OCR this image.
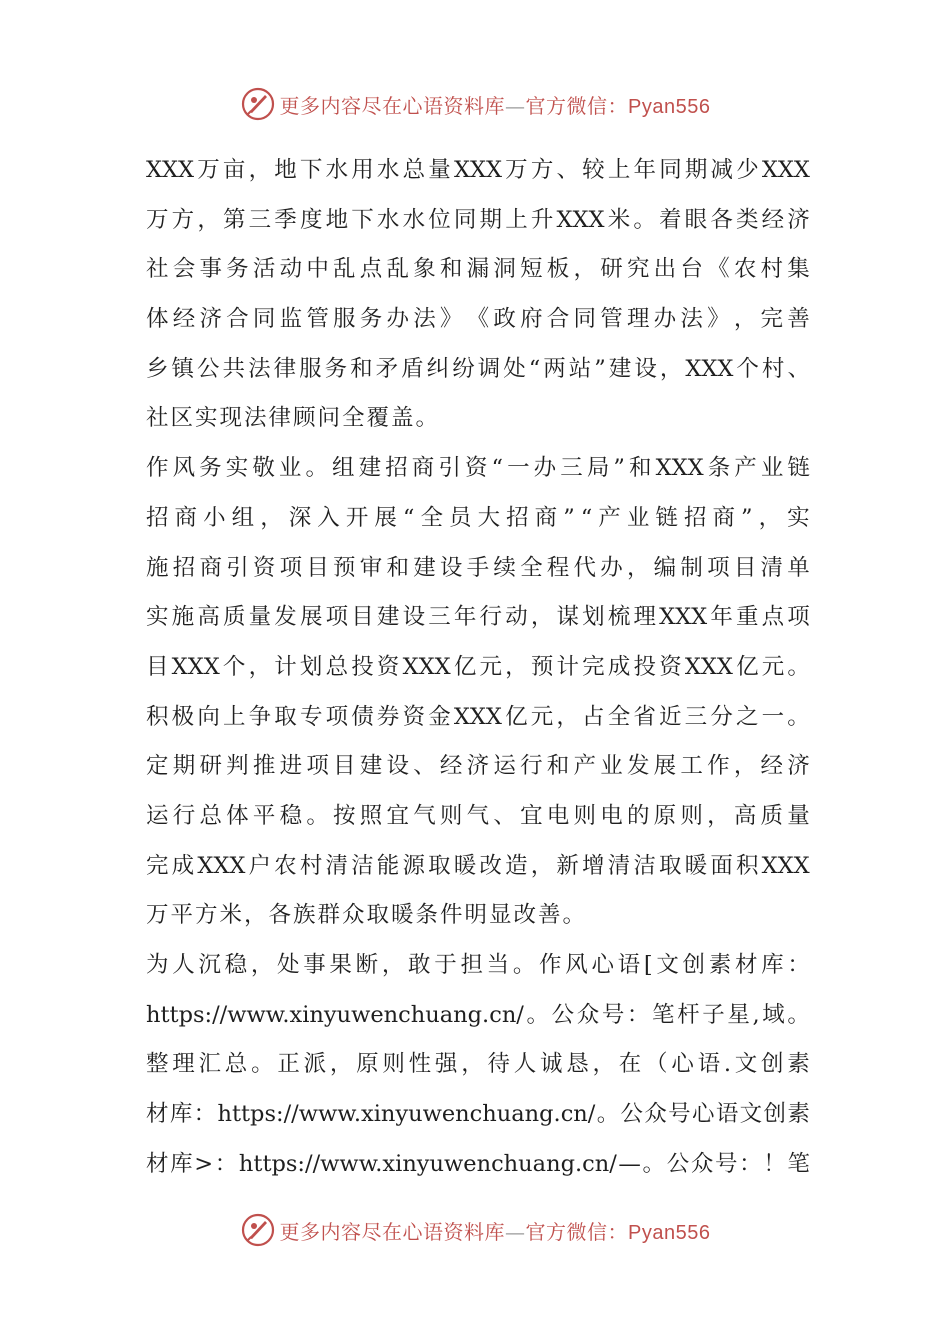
更多内容尽在心语资料库—官方微信：Pyan556
XXX 万 亩 ， 地 下 水 用 水 总 量 XXX 万 方 、 较 上 年 同 期 减 少 XXX
万 方 ， 第 三 季 度 地 下 水 水 位 同 期 上 升 XXX 米 。 着 眼 各 类 经 济
社 会 事 务 活 动 中 乱 点 乱 象 和 漏 洞 短 板 ， 研 究 出 台 《 农 村 集
体 经 济 合 同 监 管 服 务 办 法 》 《 政 府 合 同 管 理 办 法 》 ， 完 善
乡 镇 公 共 法 律 服 务 和 矛 盾 纠 纷 调 处 “ 两 站 ” 建 设 ， XXX 个 村 、
社区实现法律顾问全覆盖。
作 风 务 实 敬 业 。 组 建 招 商 引 资 “ 一 办 三 局 ” 和 XXX 条 产 业 链
招 商 小 组 ， 深 入 开 展 “ 全 员 大 招 商 ” “ 产 业 链 招 商 ” ， 实
施 招 商 引 资 项 目 预 审 和 建 设 手 续 全 程 代 办 ， 编 制 项 目 清 单
实 施 高 质 量 发 展 项 目 建 设 三 年 行 动 ， 谋 划 梳 理 XXX 年 重 点 项
目 XXX 个 ， 计 划 总 投 资 XXX 亿 元 ， 预 计 完 成 投 资 XXX 亿 元 。
积 极 向 上 争 取 专 项 债 券 资 金 XXX 亿 元 ， 占 全 省 近 三 分 之 一 。
定 期 研 判 推 进 项 目 建 设 、 经 济 运 行 和 产 业 发 展 工 作 ， 经 济
运 行 总 体 平 稳 。 按 照 宜 气 则 气 、 宜 电 则 电 的 原 则 ， 高 质 量
完 成 XXX 户 农 村 清 洁 能 源 取 暖 改 造 ， 新 增 清 洁 取 暖 面 积 XXX
万平方米，各族群众取暖条件明显改善。
为 人 沉 稳 ， 处 事 果 断 ， 敢 于 担 当 。 作 风 心 语 [ 文 创 素 材 库 ：
https://www.xinyuwenchuang.cn/ 。 公 众 号 ： 笔 杆 子 星 , 域 。
整 理 汇 总 。 正 派 ， 原 则 性 强 ， 待 人 诚 恳 ， 在 （ 心 语 . 文 创 素
材 库 ： https://www.xinyuwenchuang.cn/ 。 公 众 号 心 语 文 创 素
材 库 > ： https://www.xinyuwenchuang.cn/ — 。 公 众 号 ： ！ 笔
更多内容尽在心语资料库—官方微信：Pyan556
